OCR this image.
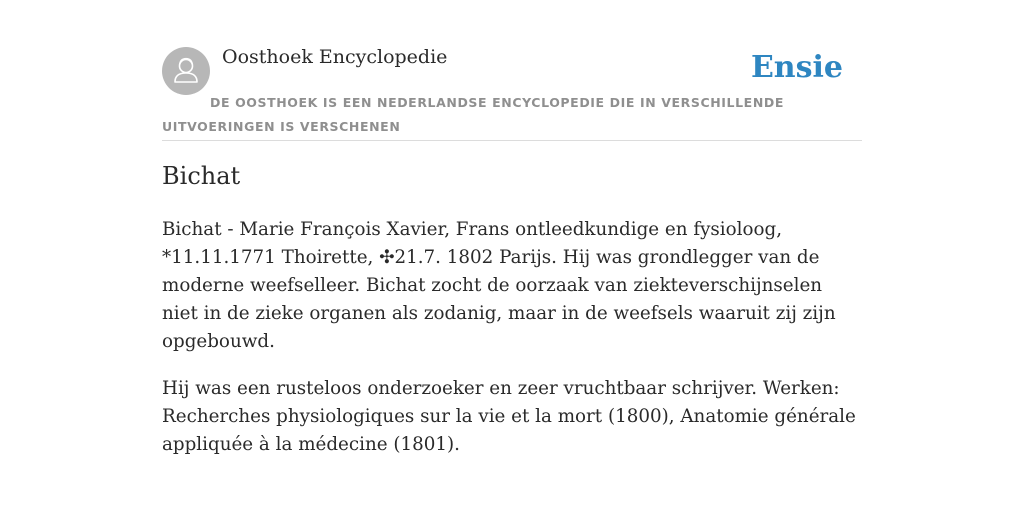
Oosthoek Encyclopedie	Ensie
DE OOSTHOEK IS EEN NEDERLANDSE ENCYCLOPEDIE DIE IN VERSCHILLENDE UITVOERINGEN IS VERSCHENEN
Bichat

Bichat - Marie François Xavier, Frans ontleedkundige en fysioloog, *11.11.1771 Thoirette, ✣21.7. 1802 Parijs. Hij was grondlegger van de moderne weefselleer. Bichat zocht de oorzaak van ziekteverschijnselen niet in de zieke organen als zodanig, maar in de weefsels waaruit zij zijn opgebouwd.

Hij was een rusteloos onderzoeker en zeer vruchtbaar schrijver. Werken: Recherches physiologiques sur la vie et la mort (1800), Anatomie générale appliquée à la médecine (1801).
